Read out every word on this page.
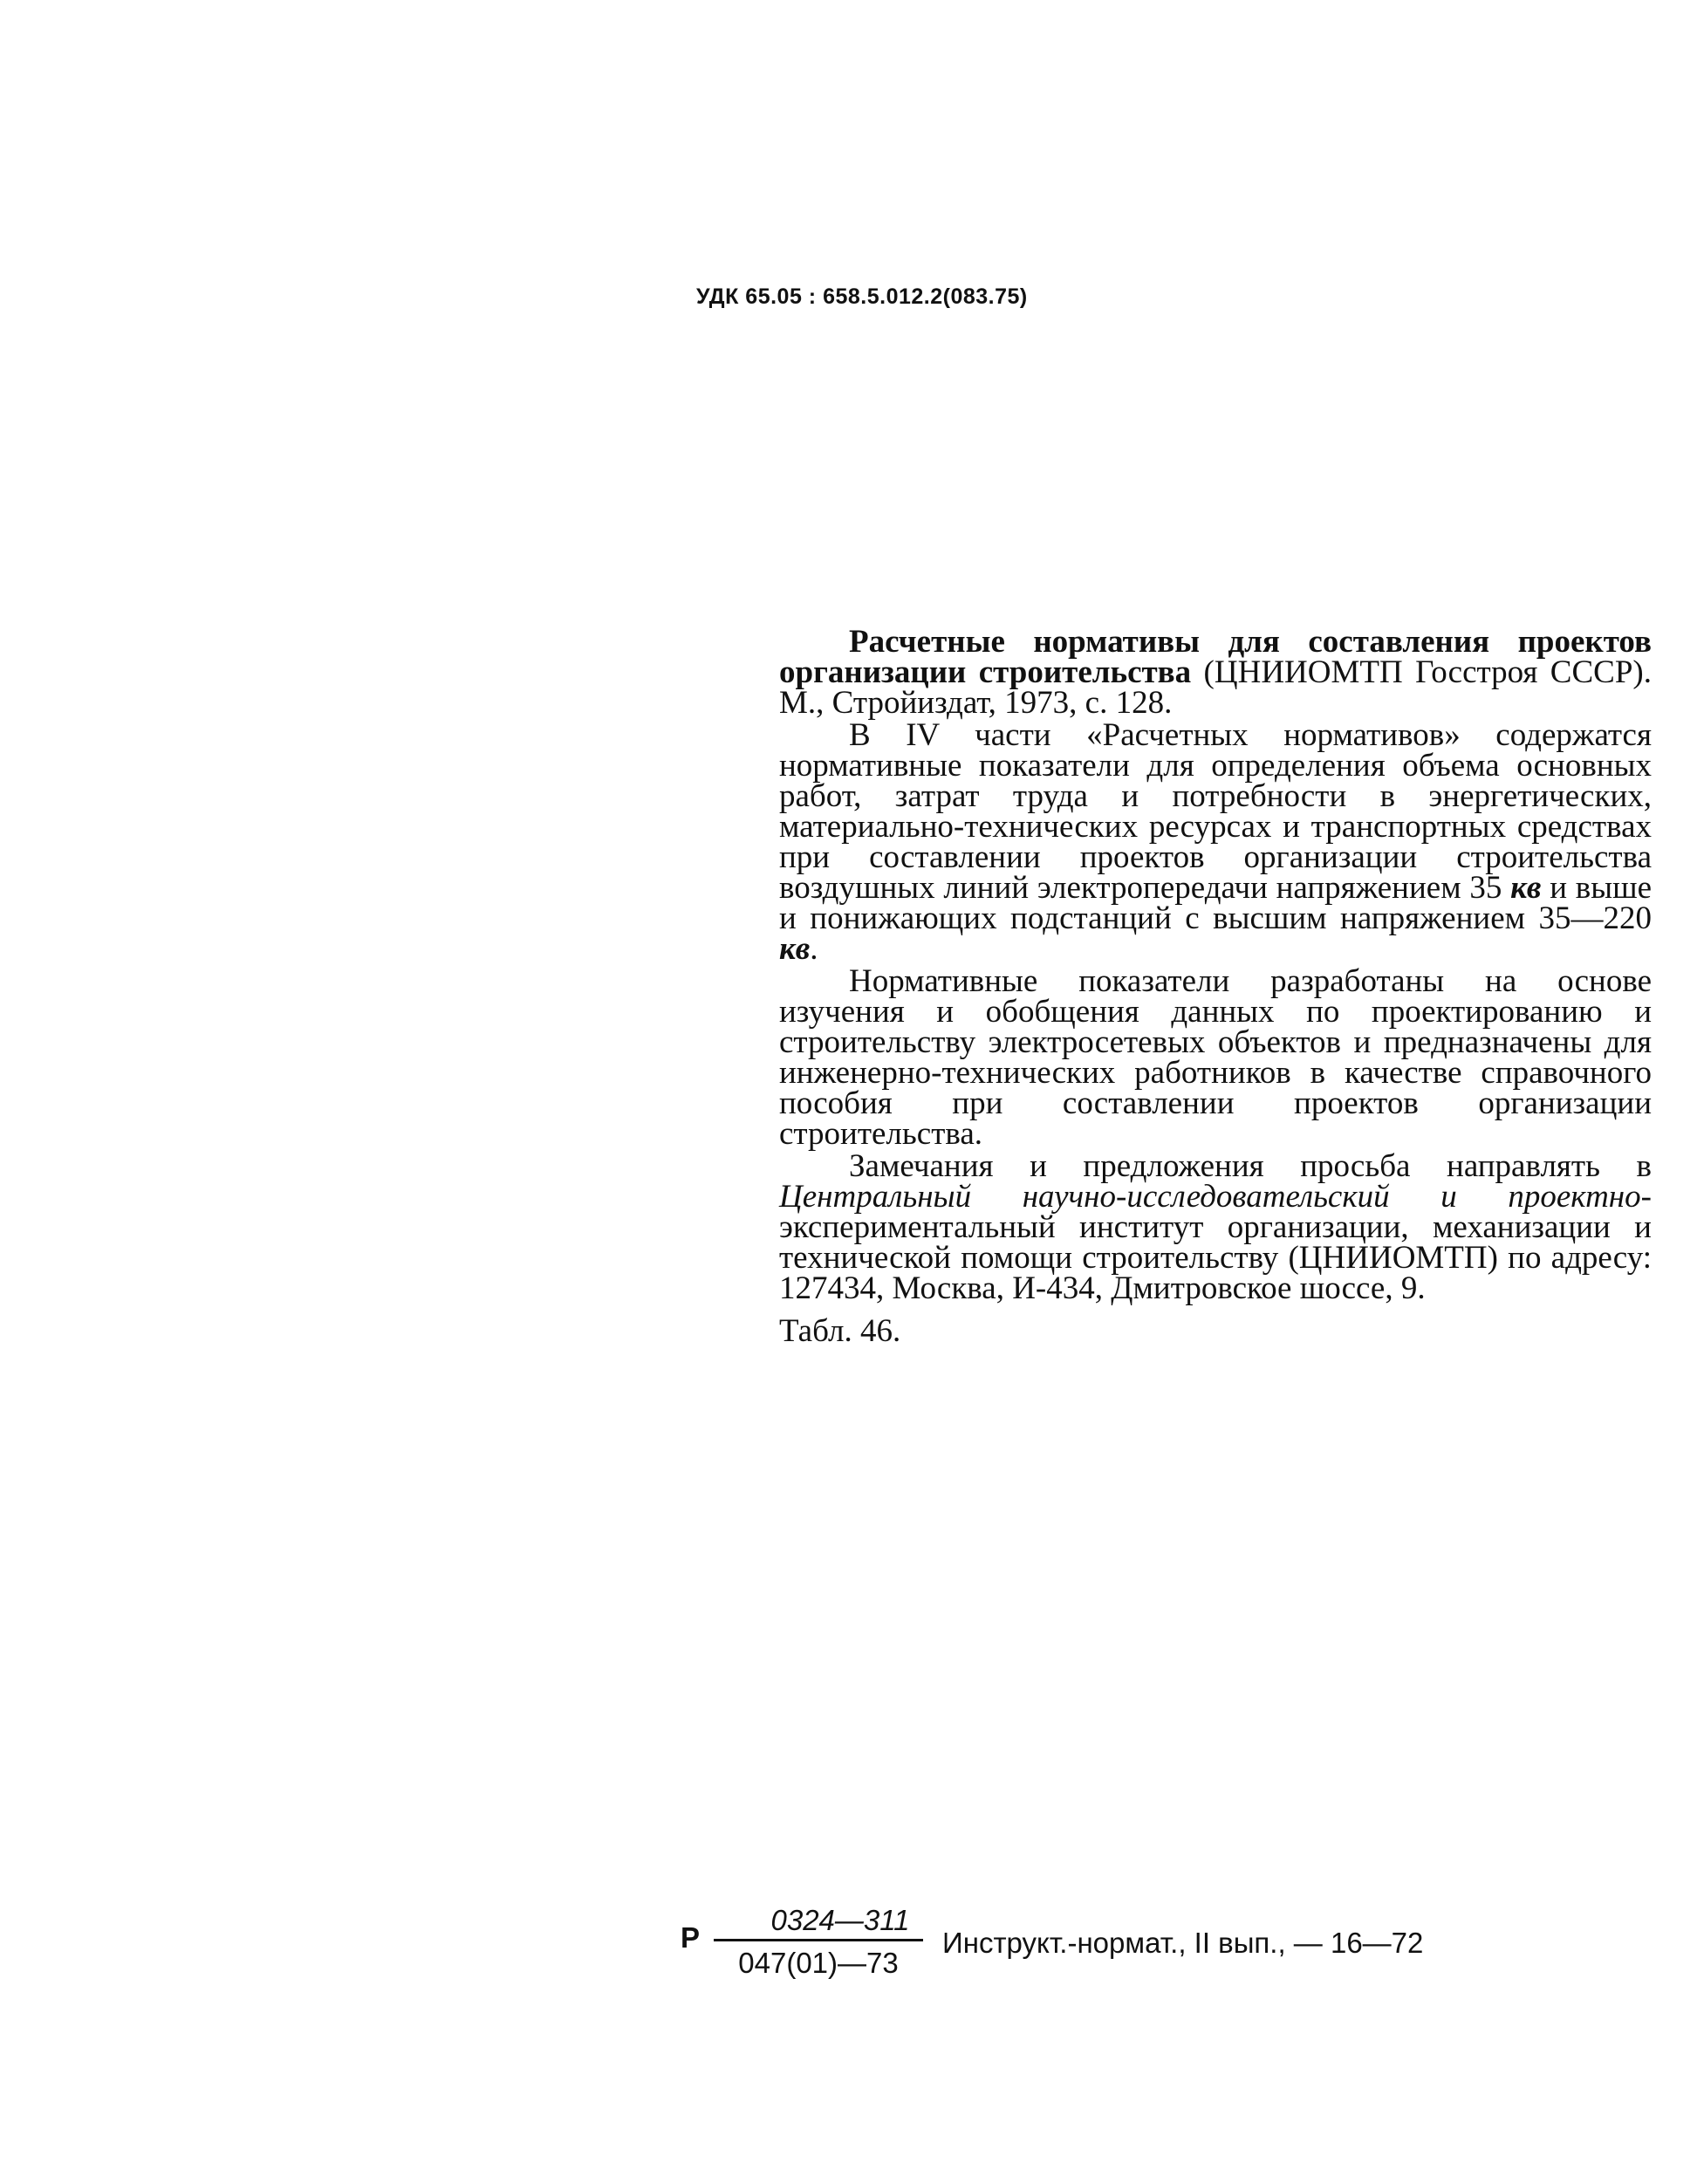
УДК 65.05 : 658.5.012.2(083.75)

Расчетные нормативы для составления проектов организации строительства (ЦНИИОМТП Госстроя СССР). М., Стройиздат, 1973, с. 128.

В IV части «Расчетных нормативов» содержатся нормативные показатели для определения объема основных работ, затрат труда и потребности в энергетических, материально-технических ресурсах и транспортных средствах при составлении проектов организации строительства воздушных линий электропередачи напряжением 35 кв и выше и понижающих подстанций с высшим напряжением 35—220 кв.

Нормативные показатели разработаны на основе изучения и обобщения данных по проектированию и строительству электросетевых объектов и предназначены для инженерно-технических работников в качестве справочного пособия при составлении проектов организации строительства.

Замечания и предложения просьба направлять в Центральный научно-исследовательский и проектно-экспериментальный институт организации, механизации и технической помощи строительству (ЦНИИОМТП) по адресу: 127434, Москва, И-434, Дмитровское шоссе, 9.

Табл. 46.

Р
0324—311
047(01)—73
Инструкт.-нормат., II вып., — 16—72
